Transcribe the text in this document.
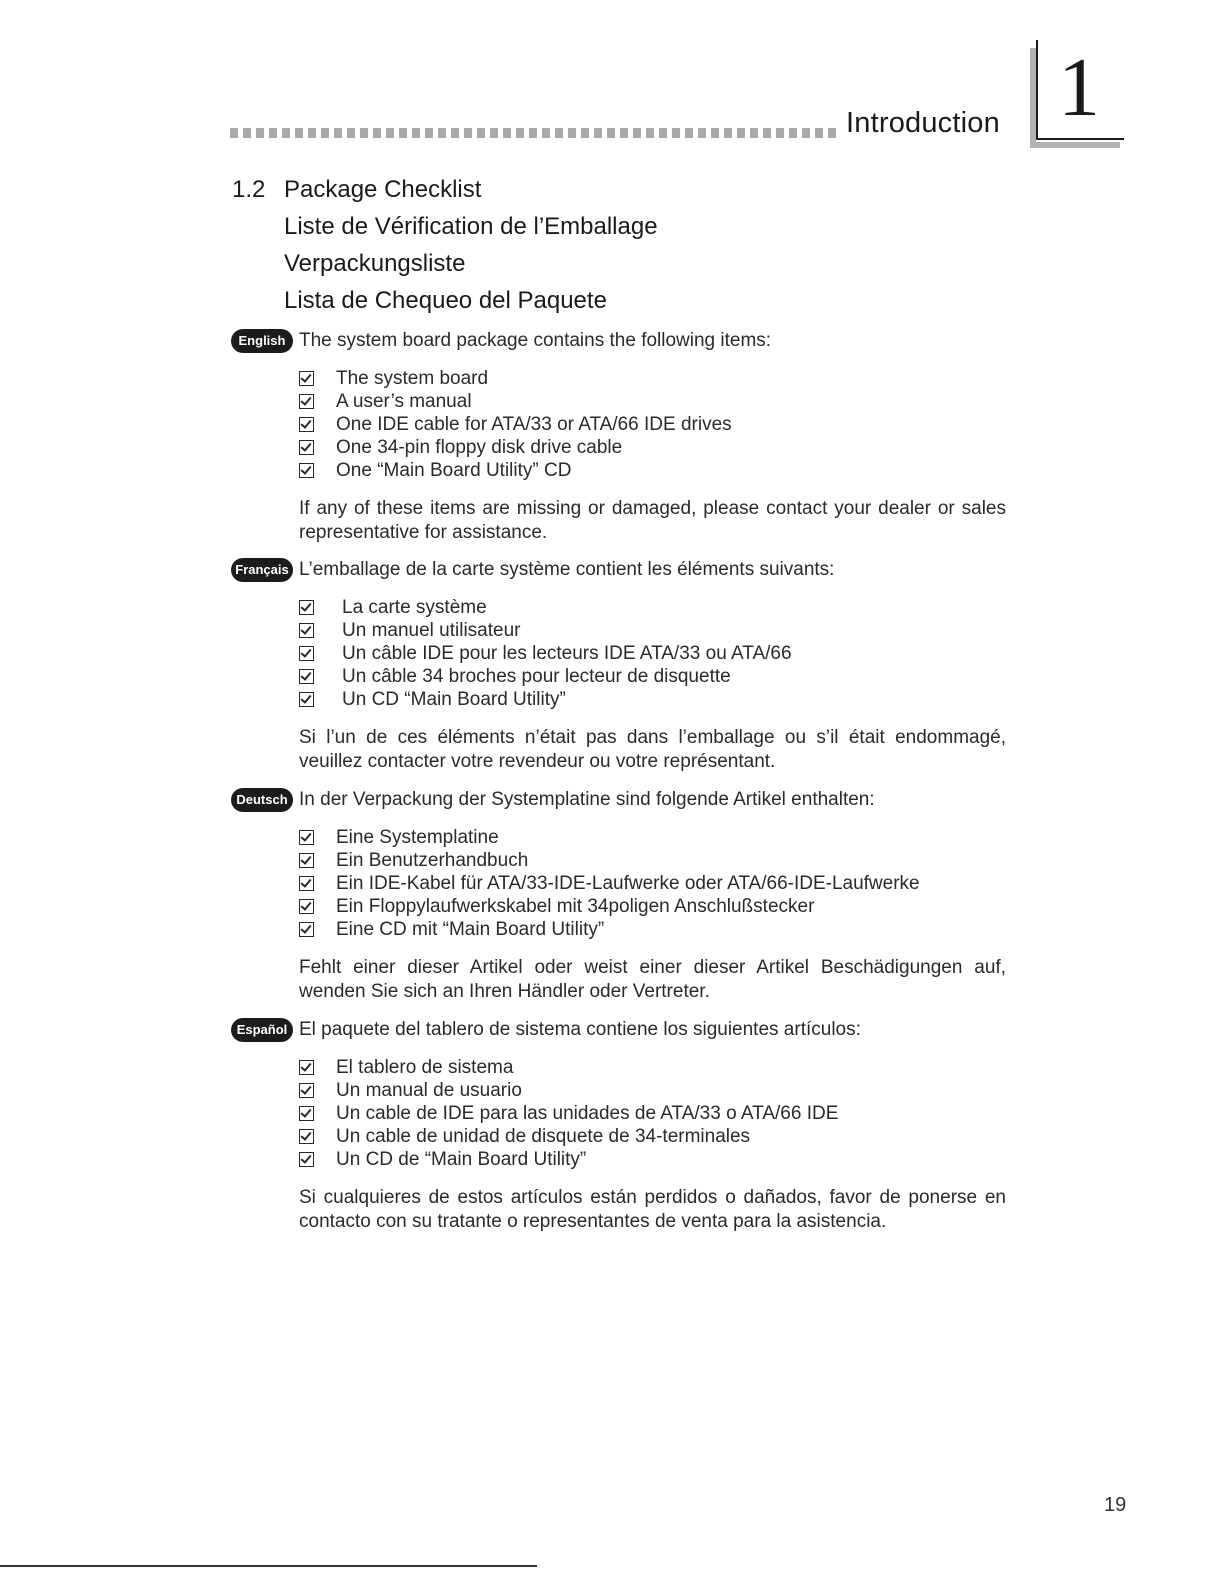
Introduction 1
1.2 Package Checklist
Liste de Vérification de l’Emballage
Verpackungsliste
Lista de Chequeo del Paquete
English The system board package contains the following items:
The system board
A user’s manual
One IDE cable for ATA/33 or ATA/66 IDE drives
One 34-pin floppy disk drive cable
One “Main Board Utility” CD
If any of these items are missing or damaged, please contact your dealer or sales representative for assistance.
Français L’emballage de la carte système contient les éléments suivants:
La carte système
Un manuel utilisateur
Un câble IDE pour les lecteurs IDE ATA/33 ou ATA/66
Un câble 34 broches pour lecteur de disquette
Un CD “Main Board Utility”
Si l’un de ces éléments n’était pas dans l’emballage ou s’il était endommagé, veuillez contacter votre revendeur ou votre représentant.
Deutsch In der Verpackung der Systemplatine sind folgende Artikel enthalten:
Eine Systemplatine
Ein Benutzerhandbuch
Ein IDE-Kabel für ATA/33-IDE-Laufwerke oder ATA/66-IDE-Laufwerke
Ein Floppylaufwerkskabel mit 34poligen Anschlußstecker
Eine CD mit “Main Board Utility”
Fehlt einer dieser Artikel oder weist einer dieser Artikel Beschädigungen auf, wenden Sie sich an Ihren Händler oder Vertreter.
Español El paquete del tablero de sistema contiene los siguientes artículos:
El tablero de sistema
Un manual de usuario
Un cable de IDE para las unidades de ATA/33 o ATA/66 IDE
Un cable de unidad de disquete de 34-terminales
Un CD de “Main Board Utility”
Si cualquieres de estos artículos están perdidos o dañados, favor de ponerse en contacto con su tratante o representantes de venta para la asistencia.
19
